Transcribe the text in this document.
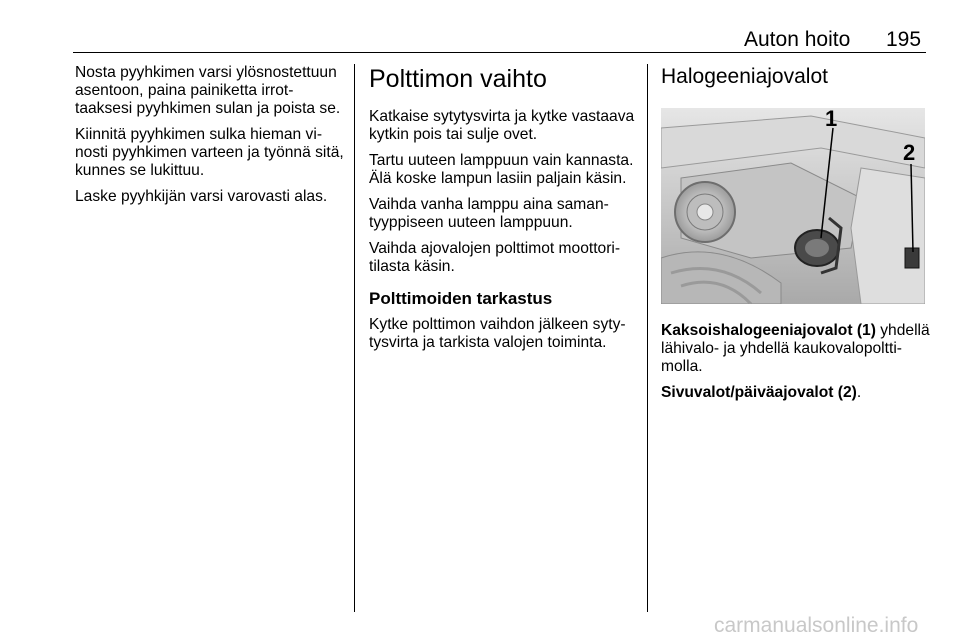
Auton hoito 195

Nosta pyyhkimen varsi ylösnostettuun asentoon, paina painiketta irrottaaksesi pyyhkimen sulan ja poista se.

Kiinnitä pyyhkimen sulka hieman vinosti pyyhkimen varteen ja työnnä sitä, kunnes se lukittuu.

Laske pyyhkijän varsi varovasti alas.

Polttimon vaihto

Katkaise sytytysvirta ja kytke vastaava kytkin pois tai sulje ovet.

Tartu uuteen lamppuun vain kannasta. Älä koske lampun lasiin paljain käsin.

Vaihda vanha lamppu aina samantyyppiseen uuteen lamppuun.

Vaihda ajovalojen polttimot moottoritilasta käsin.

Polttimoiden tarkastus

Kytke polttimon vaihdon jälkeen sytytysvirta ja tarkista valojen toiminta.

Halogeeniajovalot
1
2

Kaksoishalogeeniajovalot (1) yhdellä lähivalo- ja yhdellä kaukovalopolttimolla.

Sivuvalot/päiväajovalot (2).

carmanualsonline.info
